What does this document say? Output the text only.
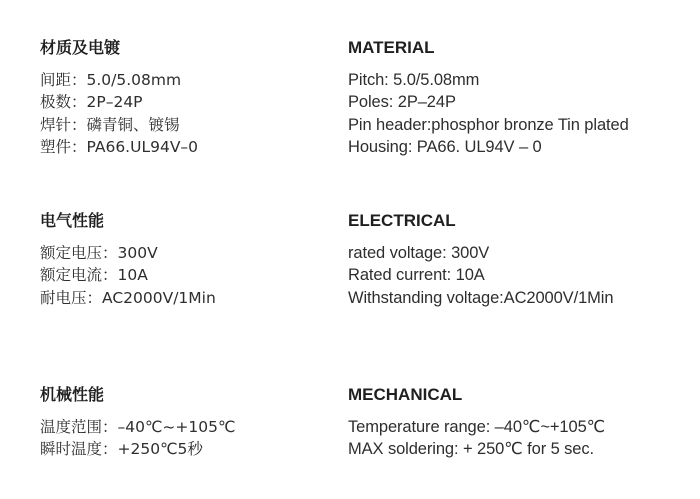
材质及电镀
间距：5.0/5.08mm
极数：2P–24P
焊针：磷青铜、镀锡
塑件：PA66.UL94V–0
电气性能
额定电压：300V
额定电流：10A
耐电压：AC2000V/1Min
机械性能
温度范围：–40℃~+105℃
瞬时温度：+250℃5秒
MATERIAL
Pitch: 5.0/5.08mm
Poles: 2P–24P
Pin header:phosphor bronze Tin plated
Housing: PA66. UL94V – 0
ELECTRICAL
rated voltage: 300V
Rated current: 10A
Withstanding voltage:AC2000V/1Min
MECHANICAL
Temperature range: –40℃~+105℃
MAX soldering: + 250℃ for 5 sec.
